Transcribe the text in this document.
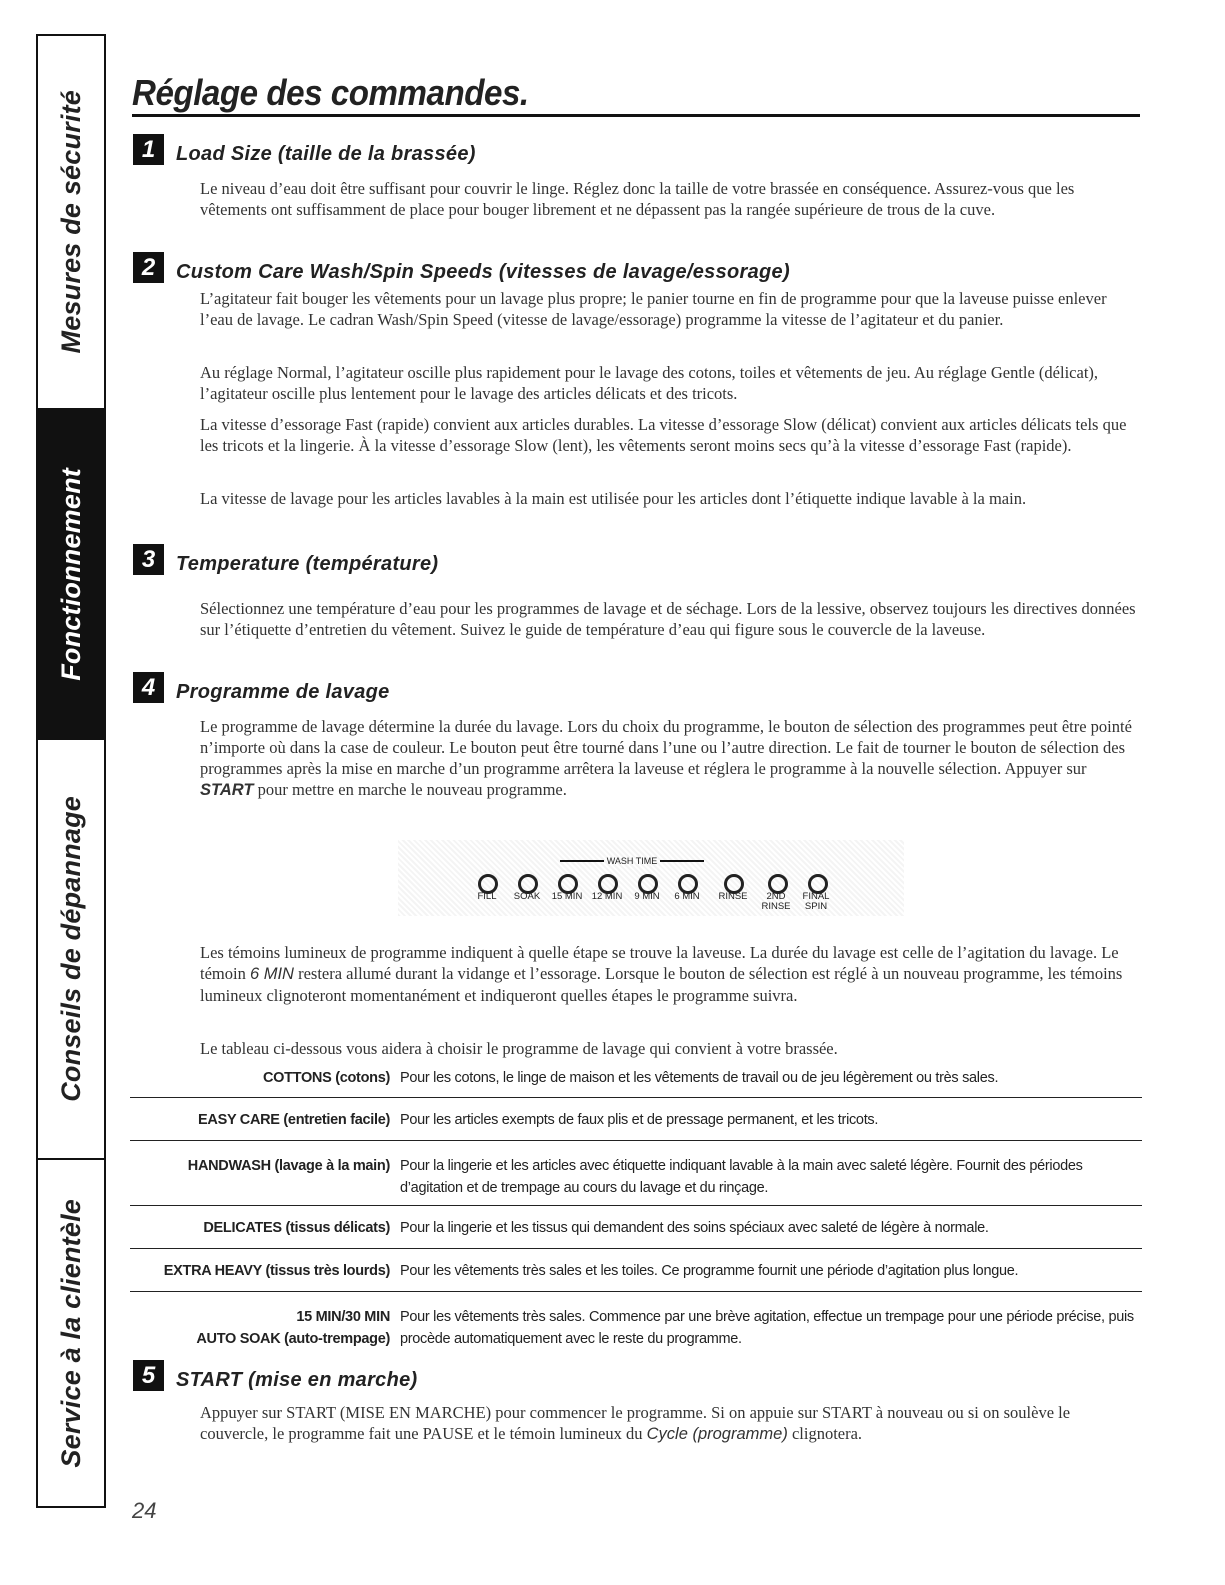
Mesures de sécurité
Fonctionnement
Conseils de dépannage
Service à la clientèle
Réglage des commandes.
1	Load Size (taille de la brassée)

Le niveau d’eau doit être suffisant pour couvrir le linge. Réglez donc la taille de votre brassée en conséquence. Assurez-vous que les vêtements ont suffisamment de place pour bouger librement et ne dépassent pas la rangée supérieure de trous de la cuve.

2	Custom Care Wash/Spin Speeds (vitesses de lavage/essorage)

L’agitateur fait bouger les vêtements pour un lavage plus propre; le panier tourne en fin de programme pour que la laveuse puisse enlever l’eau de lavage. Le cadran Wash/Spin Speed (vitesse de lavage/essorage) programme la vitesse de l’agitateur et du panier.

Au réglage Normal, l’agitateur oscille plus rapidement pour le lavage des cotons, toiles et vêtements de jeu. Au réglage Gentle (délicat), l’agitateur oscille plus lentement pour le lavage des articles délicats et des tricots.

La vitesse d’essorage Fast (rapide) convient aux articles durables. La vitesse d’essorage Slow (délicat) convient aux articles délicats tels que les tricots et la lingerie. À la vitesse d’essorage Slow (lent), les vêtements seront moins secs qu’à la vitesse d’essorage Fast (rapide).

La vitesse de lavage pour les articles lavables à la main est utilisée pour les articles dont l’étiquette indique lavable à la main.

3	Temperature (température)

Sélectionnez une température d’eau pour les programmes de lavage et de séchage. Lors de la lessive, observez toujours les directives données sur l’étiquette d’entretien du vêtement. Suivez le guide de température d’eau qui figure sous le couvercle de la laveuse.

4	Programme de lavage

Le programme de lavage détermine la durée du lavage. Lors du choix du programme, le bouton de sélection des programmes peut être pointé n’importe où dans la case de couleur. Le bouton peut être tourné dans l’une ou l’autre direction. Le fait de tourner le bouton de sélection des programmes après la mise en marche d’un programme arrêtera la laveuse et réglera le programme à la nouvelle sélection. Appuyer sur START pour mettre en marche le nouveau programme.

WASH TIME
FILL	SOAK	15 MIN 12 MIN	9 MIN	6 MIN	RINSE	2ND RINSE
FINAL SPIN

Les témoins lumineux de programme indiquent à quelle étape se trouve la laveuse. La durée du lavage est celle de l’agitation du lavage. Le témoin 6 MIN restera allumé durant la vidange et l’essorage. Lorsque le bouton de sélection est réglé à un nouveau programme, les témoins lumineux clignoteront momentanément et indiqueront quelles étapes le programme suivra.

Le tableau ci-dessous vous aidera à choisir le programme de lavage qui convient à votre brassée.

COTTONS (cotons) Pour les cotons, le linge de maison et les vêtements de travail ou de jeu légèrement ou très sales.
EASY CARE (entretien facile) Pour les articles exempts de faux plis et de pressage permanent, et les tricots.
HANDWASH (lavage à la main) Pour la lingerie et les articles avec étiquette indiquant lavable à la main avec saleté légère. Fournit des périodes d’agitation et de trempage au cours du lavage et du rinçage.
DELICATES (tissus délicats) Pour la lingerie et les tissus qui demandent des soins spéciaux avec saleté de légère à normale.
EXTRA HEAVY (tissus très lourds) Pour les vêtements très sales et les toiles. Ce programme fournit une période d’agitation plus longue.
15 MIN/30 MIN
AUTO SOAK (auto-trempage)
Pour les vêtements très sales. Commence par une brève agitation, effectue un trempage pour une période précise, puis procède automatiquement avec le reste du programme.
5	START (mise en marche)

Appuyer sur START (MISE EN MARCHE) pour commencer le programme. Si on appuie sur START à nouveau ou si on soulève le couvercle, le programme fait une PAUSE et le témoin lumineux du Cycle (programme) clignotera.

24
